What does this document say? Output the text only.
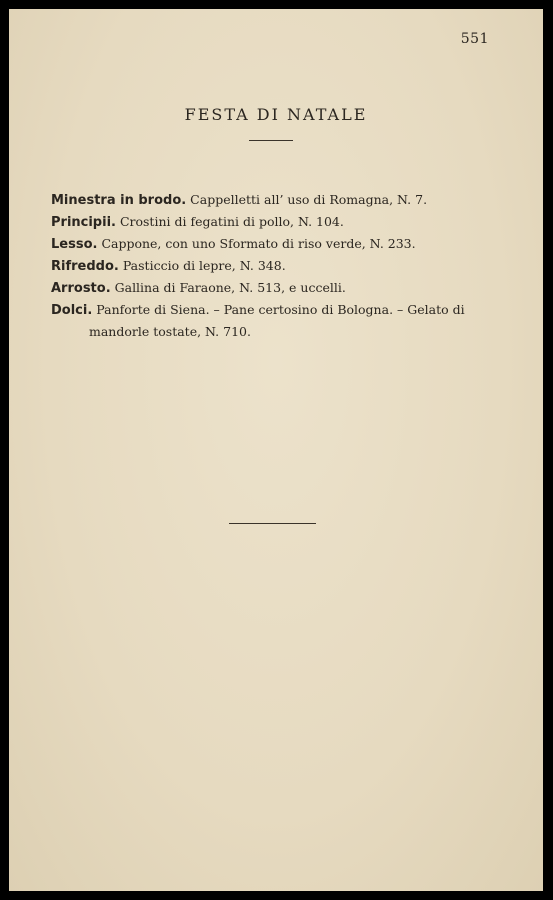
551
FESTA DI NATALE
Minestra in brodo. Cappelletti all’ uso di Romagna, N. 7.
Principii. Crostini di fegatini di pollo, N. 104.
Lesso. Cappone, con uno Sformato di riso verde, N. 233.
Rifreddo. Pasticcio di lepre, N. 348.
Arrosto. Gallina di Faraone, N. 513, e uccelli.
Dolci. Panforte di Siena. – Pane certosino di Bologna. – Gelato di mandorle tostate, N. 710.
